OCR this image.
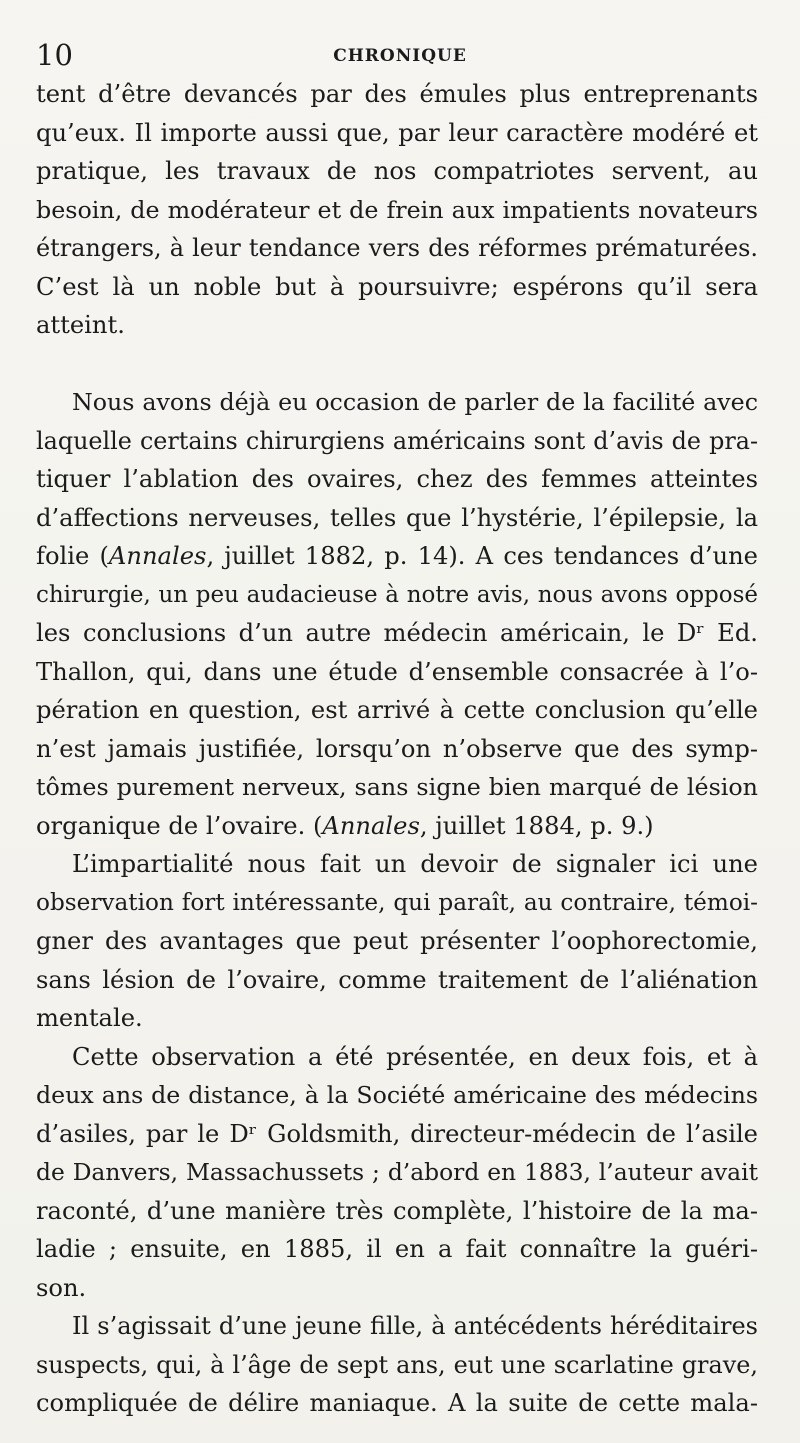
10	CHRONIQUE
tent d’être devancés par des émules plus entreprenants
qu’eux. Il importe aussi que, par leur caractère modéré et
pratique, les travaux de nos compatriotes servent, au
besoin, de modérateur et de frein aux impatients novateurs
étrangers, à leur tendance vers des réformes prématurées.
C’est là un noble but à poursuivre; espérons qu’il sera
atteint.
Nous avons déjà eu occasion de parler de la facilité avec
laquelle certains chirurgiens américains sont d’avis de pra-
tiquer l’ablation des ovaires, chez des femmes atteintes
d’affections nerveuses, telles que l’hystérie, l’épilepsie, la
folie (Annales, juillet 1882, p. 14). A ces tendances d’une
chirurgie, un peu audacieuse à notre avis, nous avons opposé
les conclusions d’un autre médecin américain, le Dʳ Ed.
Thallon, qui, dans une étude d’ensemble consacrée à l’o-
pération en question, est arrivé à cette conclusion qu’elle
n’est jamais justifiée, lorsqu’on n’observe que des symp-
tômes purement nerveux, sans signe bien marqué de lésion
organique de l’ovaire. (Annales, juillet 1884, p. 9.)
L’impartialité nous fait un devoir de signaler ici une
observation fort intéressante, qui paraît, au contraire, témoi-
gner des avantages que peut présenter l’oophorectomie,
sans lésion de l’ovaire, comme traitement de l’aliénation
mentale.
Cette observation a été présentée, en deux fois, et à
deux ans de distance, à la Société américaine des médecins
d’asiles, par le Dʳ Goldsmith, directeur-médecin de l’asile
de Danvers, Massachussets ; d’abord en 1883, l’auteur avait
raconté, d’une manière très complète, l’histoire de la ma-
ladie ; ensuite, en 1885, il en a fait connaître la guéri-
son.
Il s’agissait d’une jeune fille, à antécédents héréditaires
suspects, qui, à l’âge de sept ans, eut une scarlatine grave,
compliquée de délire maniaque. A la suite de cette mala-
